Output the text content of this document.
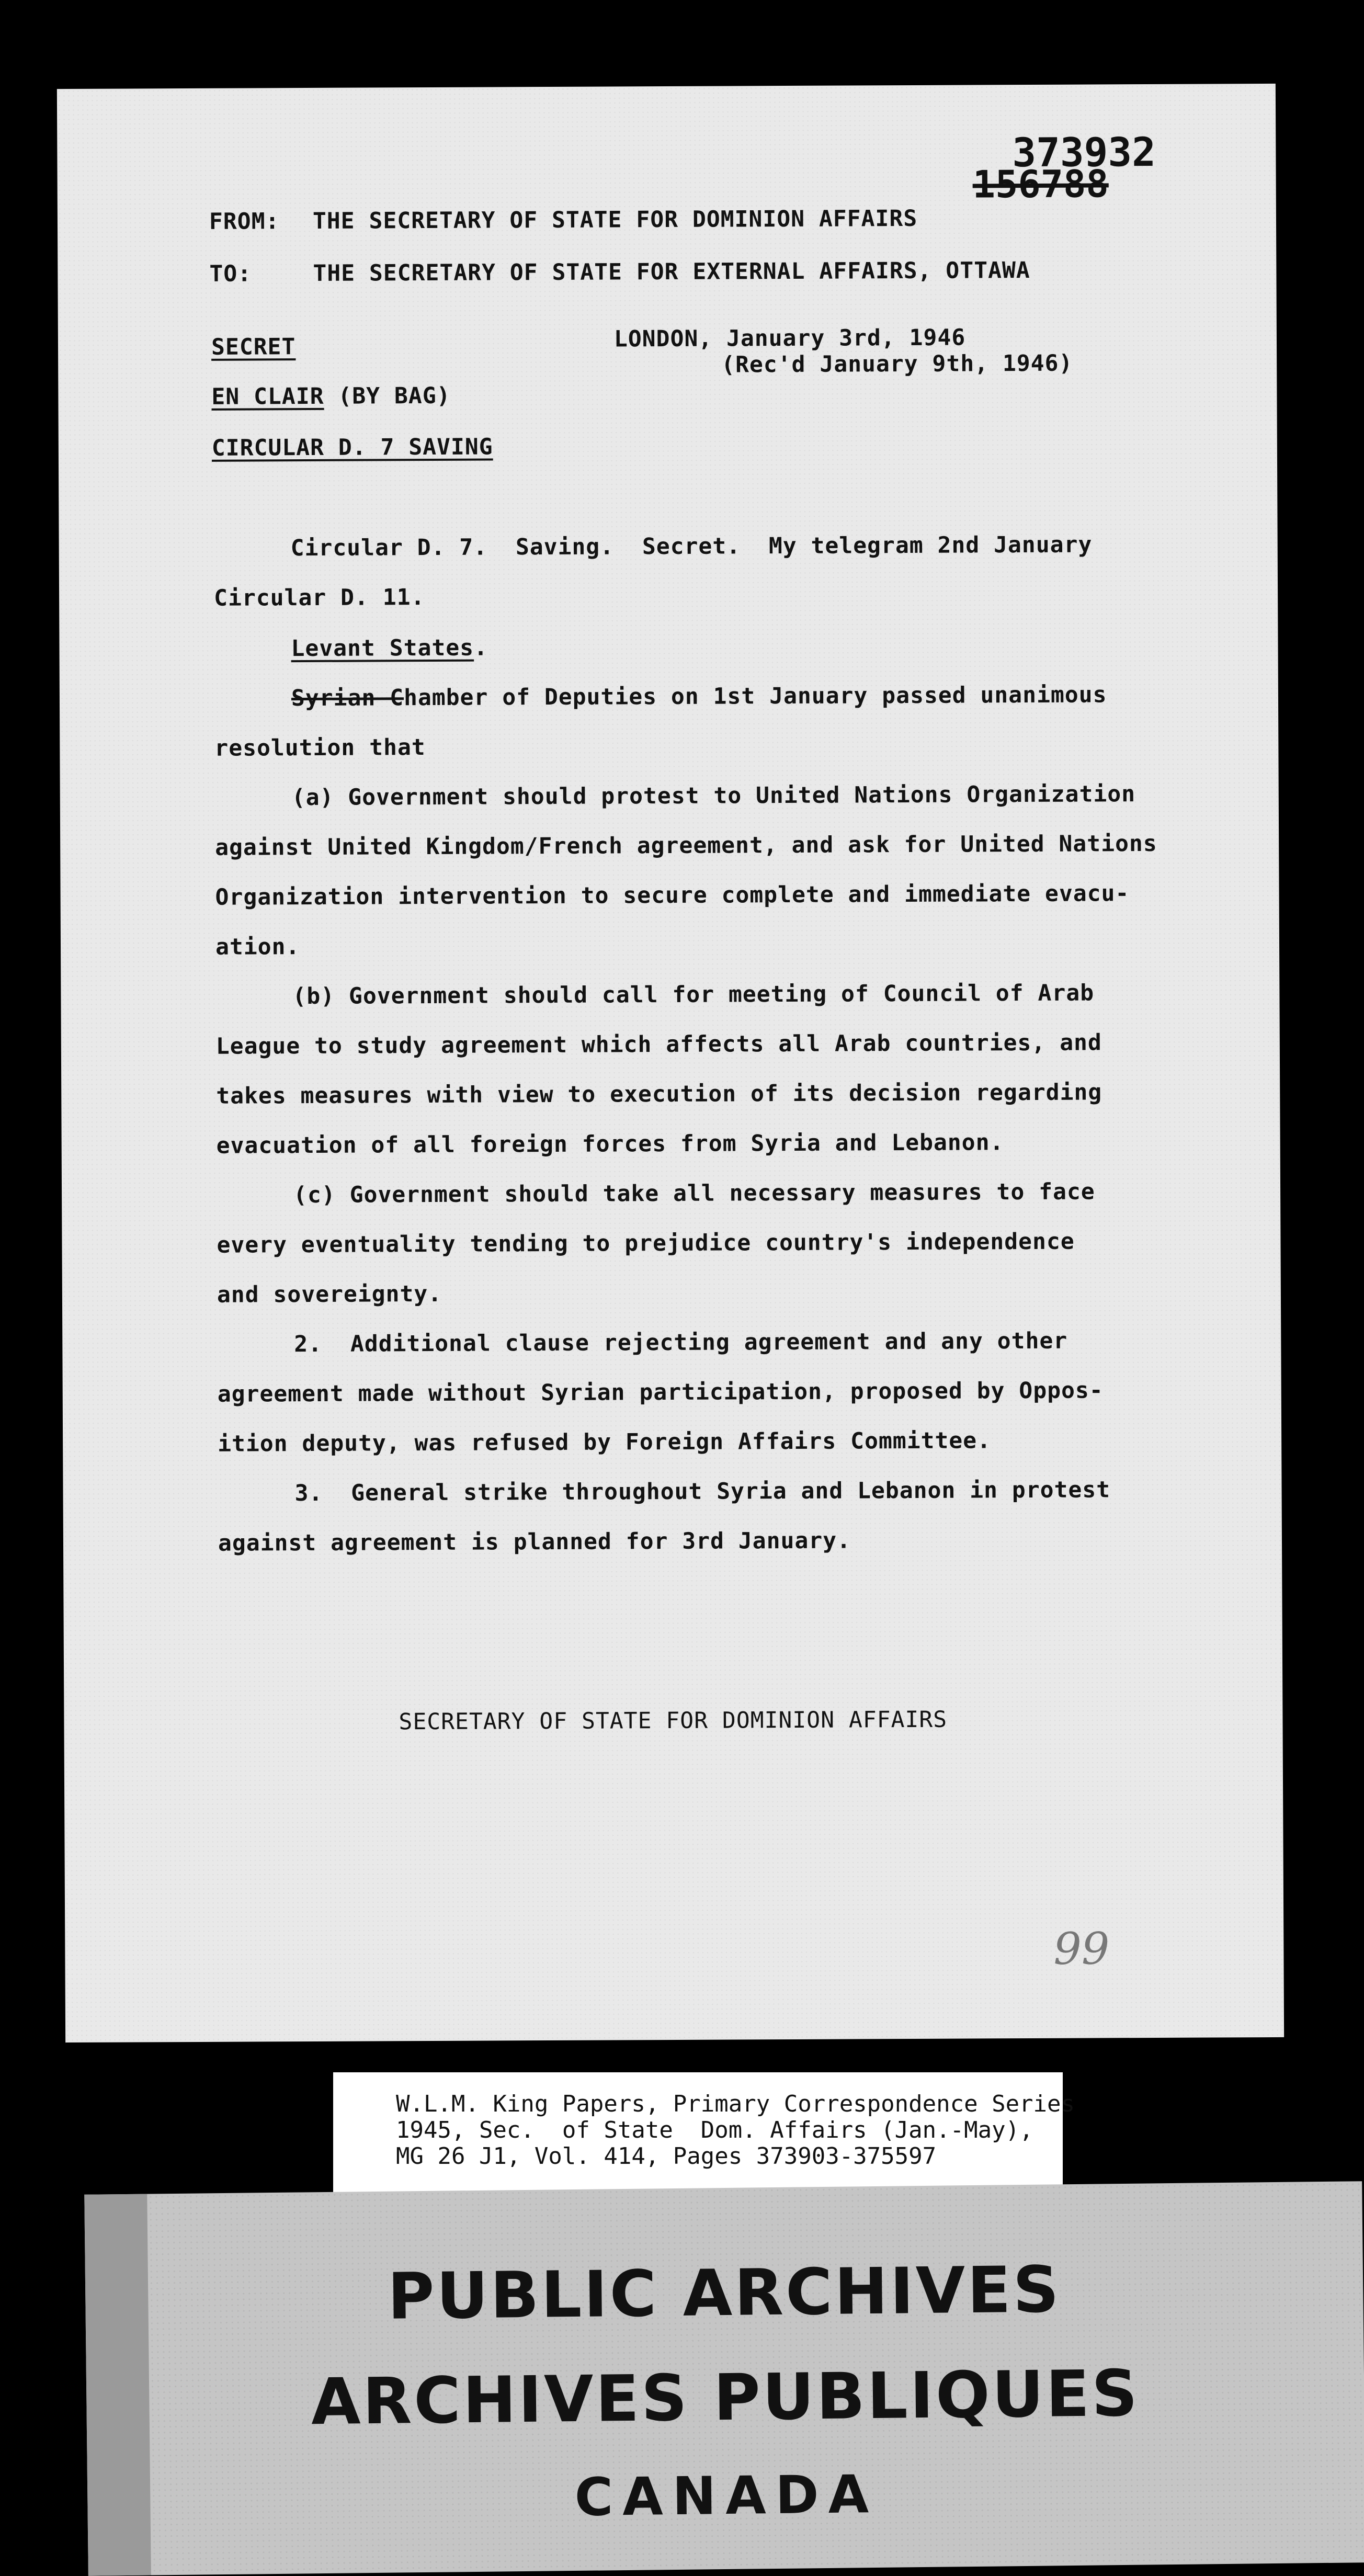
373932
156788
FROM: THE SECRETARY OF STATE FOR DOMINION AFFAIRS
TO:	THE SECRETARY OF STATE FOR EXTERNAL AFFAIRS, OTTAWA
SECRET	LONDON, January 3rd, 1946
(Rec'd January 9th, 1946)
EN CLAIR (BY BAG)
CIRCULAR D. 7 SAVING
Circular D. 7.  Saving.  Secret.  My telegram 2nd January
Circular D. 11.
Levant States.
Syrian Chamber of Deputies on 1st January passed unanimous
resolution that
(a) Government should protest to United Nations Organization
against United Kingdom/French agreement, and ask for United Nations
Organization intervention to secure complete and immediate evacu-
ation.
(b) Government should call for meeting of Council of Arab
League to study agreement which affects all Arab countries, and
takes measures with view to execution of its decision regarding
evacuation of all foreign forces from Syria and Lebanon.
(c) Government should take all necessary measures to face
every eventuality tending to prejudice country's independence
and sovereignty.
2.  Additional clause rejecting agreement and any other
agreement made without Syrian participation, proposed by Oppos-
ition deputy, was refused by Foreign Affairs Committee.
3.  General strike throughout Syria and Lebanon in protest
against agreement is planned for 3rd January.
SECRETARY OF STATE FOR DOMINION AFFAIRS
99
W.L.M. King Papers, Primary Correspondence Series
1945, Sec.  of State  Dom. Affairs (Jan.-May),
MG 26 J1, Vol. 414, Pages 373903-375597
PUBLIC ARCHIVES
ARCHIVES PUBLIQUES
CANADA
